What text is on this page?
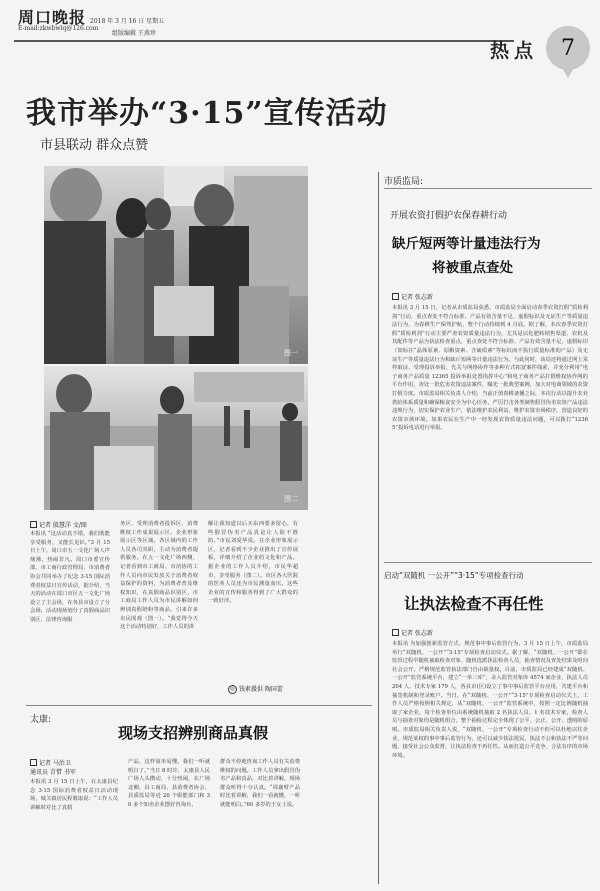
周口晚报
E-mail:zkwbwlq@126.com
2018 年 3 月 16 日 星期五
组版编辑 王燕珍
热点 7
我市举办“3·15”宣传活动
市县联动 群众点赞
图一
图二
记者 殷慧洋 文/图
本报讯 “这活动真不错，我们既能享受服务，又能长见识。”3 月 15 日上午，周口市五一文化广场人声鼎沸，热闹非凡。周口市委宣传部、市工商行政管理局、市消费者协会共同举办了纪念 3·15 国际消费者权益日宣传活动，据介绍，当天的活动在周口市区五一文化广场设立了主会场，在各县市设立了分会场。活动现场划分了真假商品识别区、法律咨询服
务区、受理消费者投诉区、消费维权工作成果展示区、企业形象展示区等区域。各区域内的工作人员各司其职，主动为消费者提供服务。在五一文化广场西侧，记者看到市工商局、市消协的工作人员向市民发放关于消费者权益保护的资料，为消费者普及维权知识，在真假商品识别区，市工商局工作人员为市民讲解如何辨别真假奶粉等商品，引来许多市民围观（图一）。“我觉得今天这个活动特别好，工作人员的讲
解让我知道以后买东西要多留心，有些假冒伪劣产品真是让人防不胜防。”市民刘爱华说。在企业形象展示区，记者看到不少企业推出了宣传展板，详细介绍了企业的文化和产品。据企业的工作人员介绍，市民华超市、享受服务（图二）。市区各大医院的医务人员还为市民测量血压。这些企业的宣传和服务得到了广大群众的一致好评。
◎ 钱素援供 陶国蕾
太康:
现场支招辨别商品真假
记者 马治卫
通讯员 青惜 书军
本报讯 3 月 15 日上午，在太康县纪念 3·15 国际消费者权益日活动现场，城关镇居民程歌取说：“工作人员讲解时对比了真假
产品，这样简单易懂，我们一听就明白了。”当日 8 时许，太康县人民广场人头攒动，十分热闹，在广场北侧，县工商局、县消费者协会、县质监局等近 20 个职能部门和 30 多个知名企业摆好咨询台，
群众不停地咨询工作人员有关消费维权的问题。工作人员拿出假冒伪劣产品和真品，对比着讲解，现场群众听得十分认真。“周襄臂产品时比着讲解，我们一看就懂，一听就能明白。”60 多岁的王女士说。
市质监局:
开展农资打假护农保春耕行动
缺斤短两等计量违法行为
将被重点查处
记者 张志新
本报讯 3 月 15 日，记者从市质监局获悉，市质监局全面启动春季农资打假“质检利剑”行动，重点查处不符合标准、产品有效含量不足、虚假标识及无证生产等质量违法行为，为春耕生产保驾护航，整个行动持续到 4 月底。据了解，本次春季农资打假“质检利剑”行动主要严查农资质量违法行为，尤其是以化肥转销售渠道、农机及其配件等产品为执法检查重点，重点查处不符合标准、产品有效含量不足、虚假标识（如标注“晶体原素、原粮资素、含硫质素”等标识而不执行质量标准的产品）及无证生产等质量违法行为和缺斤短两等计量违法行为。与此同时，该局还将通过网上采样取证、受理投诉举报、先关与网络协作等多种方式拓宽案件线索，并充分利用“电子商务产品质量 12365 投诉举报处置指挥中心”和电子商务产品打假维权协作网的平台作用，查处一批危害农资违法案件，曝光一批典型案例，加大对电商领域的农资打假力度。市质监局相关负责人介绍，当前正值春耕备播之际，本次行动以提升农业供给体系质量和确保粮食安全为中心任务，严厉打击各类制售假冒伪劣农资产品违法违规行为，切实保护农业生产，依法维护农民利益，维护农资市场秩序，营造良好的农资市场环境。如果农民在生产中一经发现农资质量违法问题，可以拨打“12365”投诉电话进行举报。
启动“双随机 一公开”“3·15”专项检查行动
让执法检查不再任性
记者 张志新
本报讯 为加强创新监管方式，规范事中事后监管行为，3 月 15 日上午，市质监局举行“双随机、一公开”“3·15”专项检查启动仪式。据了解，“双随机、一公开”即在监管过程中随机抽取检查对象、随机选派执法检查人员，抽查情况及查处结果及时向社会公开。严格规范监管执法部门自由裁量权。目前，市质监局已经建成“双随机、一公开”监管系统平台，建立“一单三库”，录入监管对象库 4574 家企业、执法人员 204 人、技术专家 179 人，各县市(区)设立了事中事后监管平台应用，共建平台和抽签机制和登录账户。当日，在“双随机、一公开”“3·15”专项检查启动仪式上，工作人员严格按照相关规定，从“双随机、一公开”监管系统中，按照一定比例随机抽取了家企业，每个检查单位由系统随机抽取 2 名执法人员、1 名技术专家，检查人员与抽查对象均是随机组合，整个抽检过程完全体现了公平、公正、公开、透明的原则。市质监局相关负责人说，“双随机、一公开”专项检查行动不但可以杜绝以往企业、规范某权的事中事后监管行为，还可以减少执法扰民、执法不公和执法不严等问题，接受社会公众监督，让执法检查不再任性。从而打造公平竞争、合法有序的市场环境。
